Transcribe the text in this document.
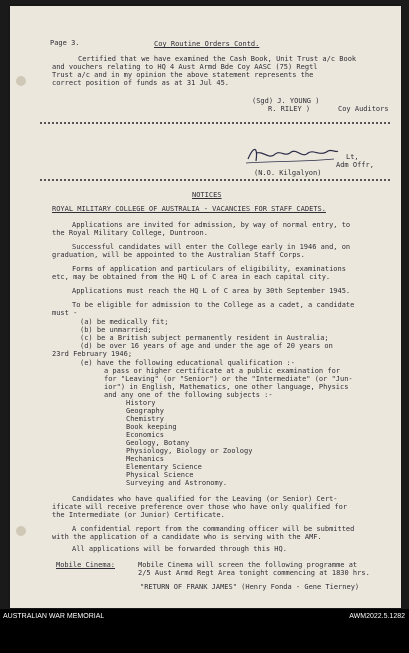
Page 3.	Coy Routine Orders Contd.
Certified that we have examined the Cash Book, Unit Trust a/c Book
and vouchers relating to HQ 4 Aust Armd Bde Coy AASC (75) Regtl
Trust a/c and in my opinion the above statement represents the
correct position of funds as at 31 Jul 45.
(Sgd) J. YOUNG )
R. RILEY )	Coy Auditors
Lt,
Adm Offr,
(N.O. Kilgalyon)
NOTICES
ROYAL MILITARY COLLEGE OF AUSTRALIA - VACANCIES FOR STAFF CADETS.
Applications are invited for admission, by way of normal entry, to
the Royal Military College, Duntroon.
Successful candidates will enter the College early in 1946 and, on
graduation, will be appointed to the Australian Staff Corps.
Forms of application and particulars of eligibility, examinations
etc, may be obtained from the HQ L of C area in each capital city.
Applications must reach the HQ L of C area by 30th September 1945.
To be eligible for admission to the College as a cadet, a candidate
must -
(a) be medically fit;
(b) be unmarried;
(c) be a British subject permanently resident in Australia;
(d) be over 16 years of age and under the age of 20 years on
23rd February 1946;
(e) have the following educational qualification :-
a pass or higher certificate at a public examination for
for "Leaving" (or "Senior") or the "Intermediate" (or "Jun-
ior") in English, Mathematics, one other language, Physics
and any one of the following subjects :-
History
Geography
Chemistry
Book keeping
Economics
Geology, Botany
Physiology, Biology or Zoology
Mechanics
Elementary Science
Physical Science
Surveying and Astronomy.
Candidates who have qualified for the Leaving (or Senior) Cert-
ificate will receive preference over those who have only qualified for
the Intermediate (or Junior) Certificate.
A confidential report from the commanding officer will be submitted
with the application of a candidate who is serving with the AMF.
All applications will be forwarded through this HQ.
Mobile Cinema:	Mobile Cinema will screen the following programme at
2/5 Aust Armd Regt Area tonight commencing at 1830 hrs.
"RETURN OF FRANK JAMES" (Henry Fonda - Gene Tierney)
AUSTRALIAN WAR MEMORIAL	AWM2022.5.1282
